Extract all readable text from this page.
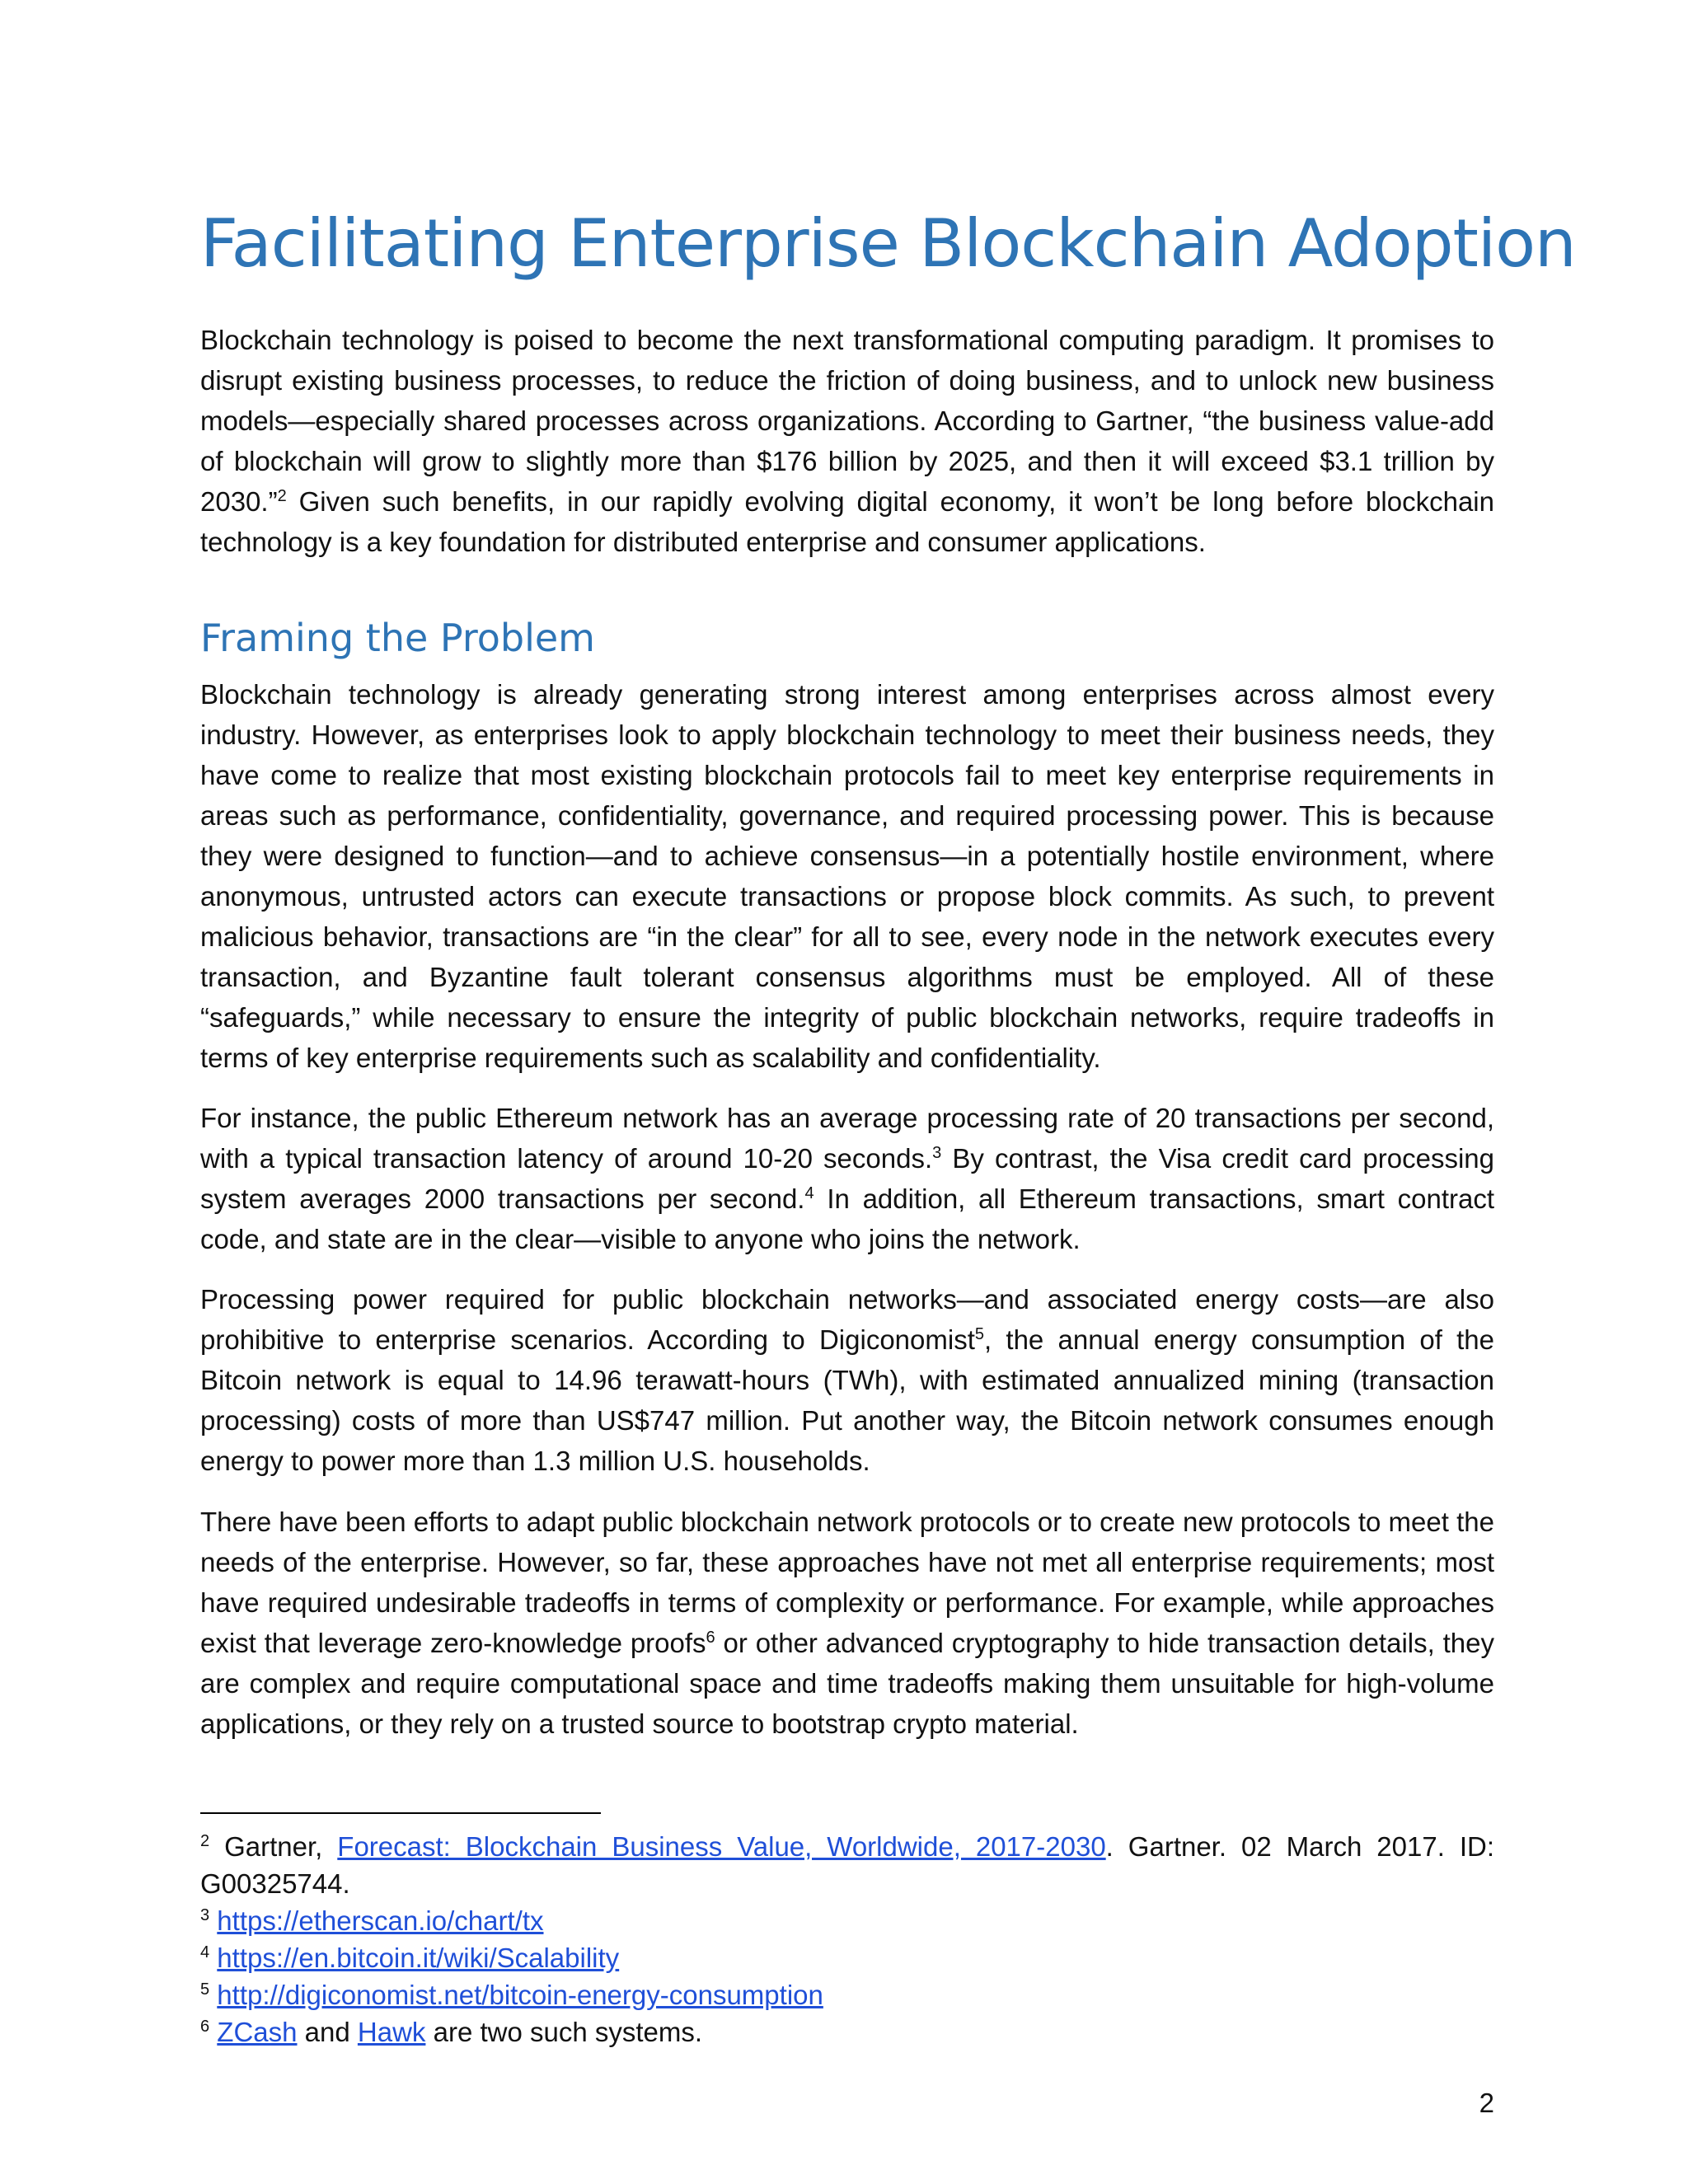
Facilitating Enterprise Blockchain Adoption

Blockchain technology is poised to become the next transformational computing paradigm. It promises to disrupt existing business processes, to reduce the friction of doing business, and to unlock new business models—especially shared processes across organizations. According to Gartner, “the business value-add of blockchain will grow to slightly more than $176 billion by 2025, and then it will exceed $3.1 trillion by 2030.”$^2$ Given such benefits, in our rapidly evolving digital economy, it won’t be long before blockchain technology is a key foundation for distributed enterprise and consumer applications.

Framing the Problem

Blockchain technology is already generating strong interest among enterprises across almost every industry. However, as enterprises look to apply blockchain technology to meet their business needs, they have come to realize that most existing blockchain protocols fail to meet key enterprise requirements in areas such as performance, confidentiality, governance, and required processing power. This is because they were designed to function—and to achieve consensus—in a potentially hostile environment, where anonymous, untrusted actors can execute transactions or propose block commits. As such, to prevent malicious behavior, transactions are “in the clear” for all to see, every node in the network executes every transaction, and Byzantine fault tolerant consensus algorithms must be employed. All of these “safeguards,” while necessary to ensure the integrity of public blockchain networks, require tradeoffs in terms of key enterprise requirements such as scalability and confidentiality.

For instance, the public Ethereum network has an average processing rate of 20 transactions per second, with a typical transaction latency of around 10-20 seconds.$^3$ By contrast, the Visa credit card processing system averages 2000 transactions per second.$^4$ In addition, all Ethereum transactions, smart contract code, and state are in the clear—visible to anyone who joins the network.

Processing power required for public blockchain networks—and associated energy costs—are also prohibitive to enterprise scenarios. According to Digiconomist$^5$, the annual energy consumption of the Bitcoin network is equal to 14.96 terawatt-hours (TWh), with estimated annualized mining (transaction processing) costs of more than US$747 million. Put another way, the Bitcoin network consumes enough energy to power more than 1.3 million U.S. households.

There have been efforts to adapt public blockchain network protocols or to create new protocols to meet the needs of the enterprise. However, so far, these approaches have not met all enterprise requirements; most have required undesirable tradeoffs in terms of complexity or performance. For example, while approaches exist that leverage zero-knowledge proofs$^6$ or other advanced cryptography to hide transaction details, they are complex and require computational space and time tradeoffs making them unsuitable for high-volume applications, or they rely on a trusted source to bootstrap crypto material.

$^2$ Gartner, Forecast: Blockchain Business Value, Worldwide, 2017-2030. Gartner. 02 March 2017. ID: G00325744.

$^3$ https://etherscan.io/chart/tx

$^4$ https://en.bitcoin.it/wiki/Scalability

$^5$ http://digiconomist.net/bitcoin-energy-consumption

$^6$ ZCash and Hawk are two such systems.

2
